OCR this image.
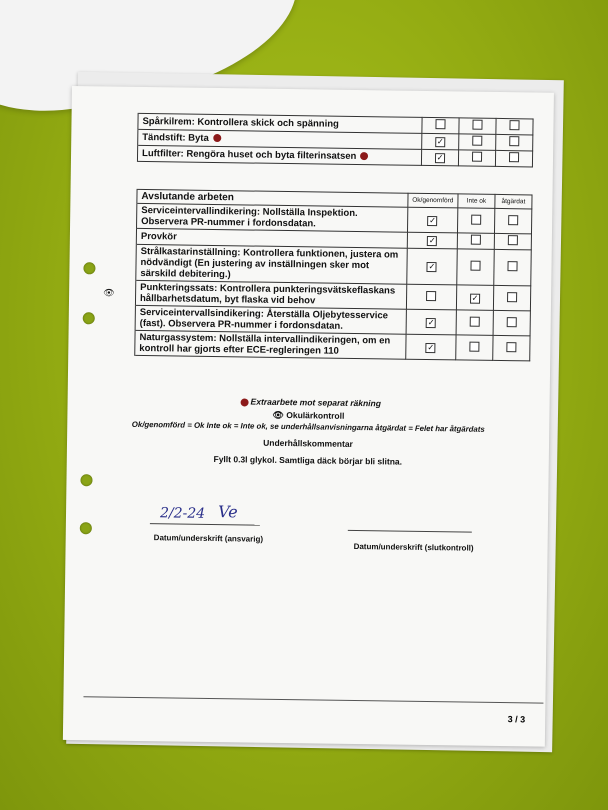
	Spårkilrem: Kontrollera skick och spänning			
	Tändstift: Byta	✓		
	Luftfilter: Rengöra huset och byta filterinsatsen	✓		
	Avslutande arbeten	Ok/genomförd	Inte ok	åtgärdat
	Serviceintervallindikering: Nollställa Inspektion. Observera PR-nummer i fordonsdatan.	✓		
	Provkör	✓		
	Strålkastarinställning: Kontrollera funktionen, justera om nödvändigt (En justering av inställningen sker mot särskild debitering.)	✓		
👁	Punkteringssats: Kontrollera punkteringsvätskeflaskans hållbarhetsdatum, byt flaska vid behov		✓	
	Serviceintervallsindikering: Återställa Oljebytesservice (fast). Observera PR-nummer i fordonsdatan.	✓		
	Naturgassystem: Nollställa intervallindikeringen, om en kontroll har gjorts efter ECE-regleringen 110	✓		
Extraarbete mot separat räkning
👁 Okulärkontroll
Ok/genomförd = Ok Inte ok = Inte ok, se underhållsanvisningarna åtgärdat = Felet har åtgärdats
Underhållskommentar
Fyllt 0.3l glykol. Samtliga däck börjar bli slitna.
2/2-24 Ve
Datum/underskrift (ansvarig)
Datum/underskrift (slutkontroll)
3 / 3
